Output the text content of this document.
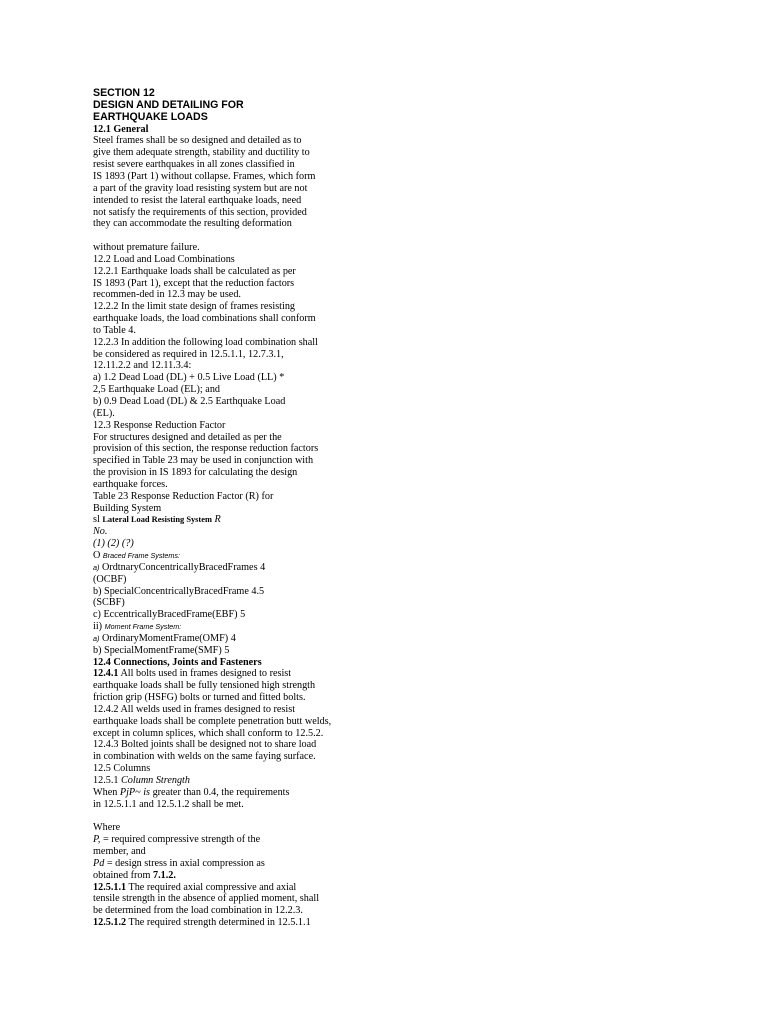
SECTION 12
DESIGN AND DETAILING FOR
EARTHQUAKE LOADS
12.1 General
Steel frames shall be so designed and detailed as to
give them adequate strength, stability and ductility to
resist severe earthquakes in all zones classified in
IS 1893 (Part 1) without collapse. Frames, which form
a part of the gravity load resisting system but are not
intended to resist the lateral earthquake loads, need
not satisfy the requirements of this section, provided
they can accommodate the resulting deformation
without premature failure.
12.2 Load and Load Combinations
12.2.1 Earthquake loads shall be calculated as per
IS 1893 (Part 1), except that the reduction factors
recommen-ded in 12.3 may be used.
12.2.2 In the limit state design of frames resisting
earthquake loads, the load combinations shall conform
to Table 4.
12.2.3 In addition the following load combination shall
be considered as required in 12.5.1.1, 12.7.3.1,
12.11.2.2 and 12.11.3.4:
a) 1.2 Dead Load (DL) + 0.5 Live Load (LL) *
2,5 Earthquake Load (EL); and
b) 0.9 Dead Load (DL) & 2.5 Earthquake Load
(EL).
12.3 Response Reduction Factor
For structures designed and detailed as per the
provision of this section, the response reduction factors
specified in Table 23 may be used in conjunction with
the provision in IS 1893 for calculating the design
earthquake forces.
Table 23 Response Reduction Factor (R) for
Building System
sl Lateral Load Resisting System R
No.
(1) (2) (?)
O Braced Frame Systems:
a) OrdtnaryConcentricallyBracedFrames 4
(OCBF)
b) SpecialConcentricallyBracedFrame 4.5
(SCBF)
c) EccentricallyBracedFrame(EBF) 5
ii) Moment Frame System:
a) OrdinaryMomentFrame(OMF) 4
b) SpecialMomentFrame(SMF) 5
12.4 Connections, Joints and Fasteners
12.4.1 All bolts used in frames designed to resist
earthquake loads shall be fully tensioned high strength
friction grip (HSFG) bolts or turned and fitted bolts.
12.4.2 All welds used in frames designed to resist
earthquake loads shall be complete penetration butt welds,
except in column splices, which shall conform to 12.5.2.
12.4.3 Bolted joints shall be designed not to share load
in combination with welds on the same faying surface.
12.5 Columns
12.5.1 Column Strength
When PjP~ is greater than 0.4, the requirements
in 12.5.1.1 and 12.5.1.2 shall be met.
Where
P, = required compressive strength of the
member, and
Pd = design stress in axial compression as
obtained from 7.1.2.
12.5.1.1 The required axial compressive and axial
tensile strength in the absence of applied moment, shall
be determined from the load combination in 12.2.3.
12.5.1.2 The required strength determined in 12.5.1.1
